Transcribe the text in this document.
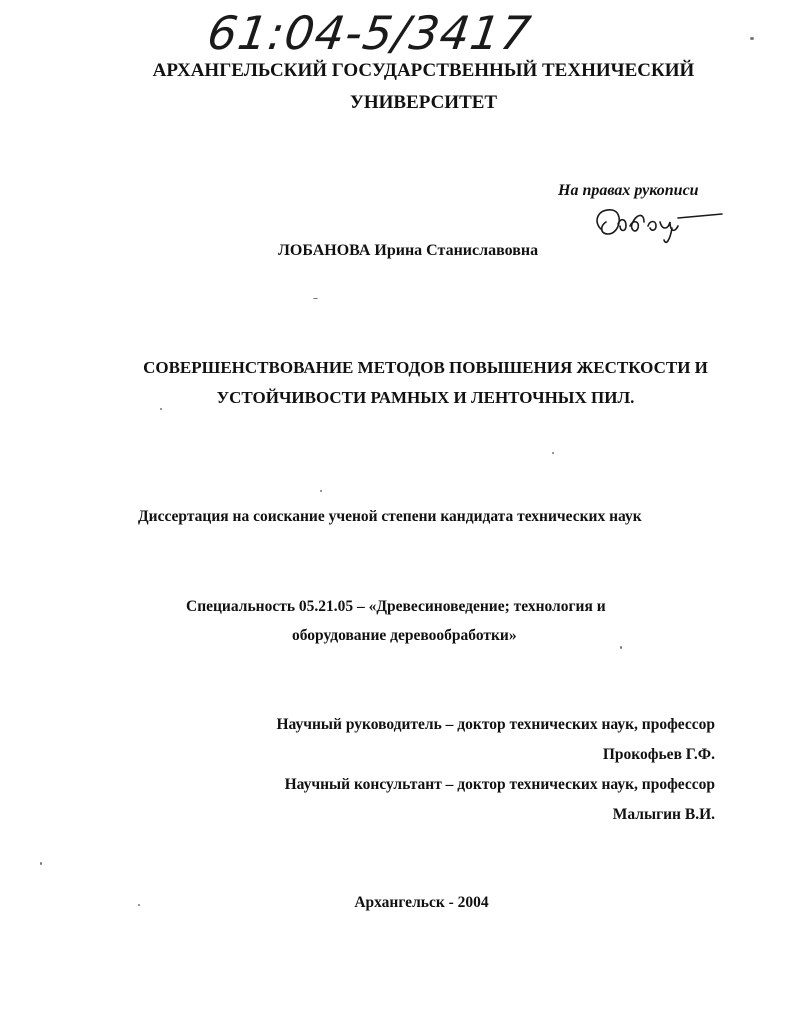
61:04-5/3417
АРХАНГЕЛЬСКИЙ ГОСУДАРСТВЕННЫЙ ТЕХНИЧЕСКИЙ
УНИВЕРСИТЕТ
На правах рукописи
ЛОБАНОВА Ирина Станиславовна
СОВЕРШЕНСТВОВАНИЕ МЕТОДОВ ПОВЫШЕНИЯ ЖЕСТКОСТИ И
УСТОЙЧИВОСТИ РАМНЫХ И ЛЕНТОЧНЫХ ПИЛ.
Диссертация на соискание ученой степени кандидата технических наук
Специальность 05.21.05 – «Древесиноведение; технология и
оборудование деревообработки»
Научный руководитель – доктор технических наук, профессор
Прокофьев Г.Ф.
Научный консультант – доктор технических наук, профессор
Малыгин В.И.
Архангельск - 2004
